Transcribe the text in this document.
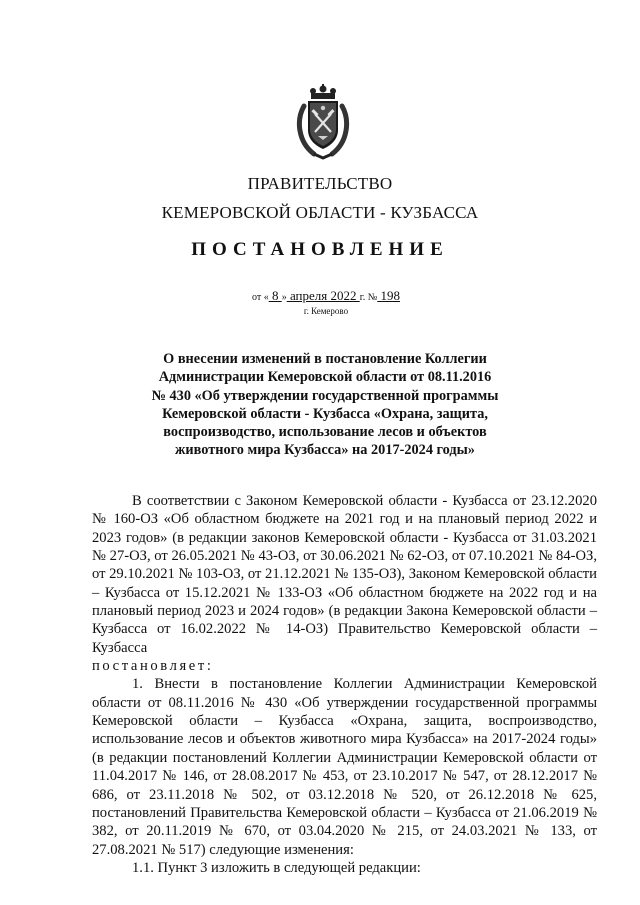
ПРАВИТЕЛЬСТВО
КЕМЕРОВСКОЙ ОБЛАСТИ - КУЗБАССА
ПОСТАНОВЛЕНИЕ
от « 8 » апреля 2022 г. № 198
г. Кемерово
О внесении изменений в постановление Коллегии Администрации Кемеровской области от 08.11.2016 № 430 «Об утверждении государственной программы Кемеровской области - Кузбасса «Охрана, защита, воспроизводство, использование лесов и объектов животного мира Кузбасса» на 2017-2024 годы»

В соответствии с Законом Кемеровской области - Кузбасса от 23.12.2020 № 160-ОЗ «Об областном бюджете на 2021 год и на плановый период 2022 и 2023 годов» (в редакции законов Кемеровской области - Кузбасса от 31.03.2021 № 27-ОЗ, от 26.05.2021 № 43-ОЗ, от 30.06.2021 № 62-ОЗ, от 07.10.2021 № 84-ОЗ, от 29.10.2021 № 103-ОЗ, от 21.12.2021 № 135-ОЗ), Законом Кемеровской области – Кузбасса от 15.12.2021 № 133-ОЗ «Об областном бюджете на 2022 год и на плановый период 2023 и 2024 годов» (в редакции Закона Кемеровской области – Кузбасса от 16.02.2022 № 14-ОЗ) Правительство Кемеровской области – Кузбасса

постановляет:

1. Внести в постановление Коллегии Администрации Кемеровской области от 08.11.2016 № 430 «Об утверждении государственной программы Кемеровской области – Кузбасса «Охрана, защита, воспроизводство, использование лесов и объектов животного мира Кузбасса» на 2017-2024 годы» (в редакции постановлений Коллегии Администрации Кемеровской области от 11.04.2017 № 146, от 28.08.2017 № 453, от 23.10.2017 № 547, от 28.12.2017 № 686, от 23.11.2018 № 502, от 03.12.2018 № 520, от 26.12.2018 № 625, постановлений Правительства Кемеровской области – Кузбасса от 21.06.2019 № 382, от 20.11.2019 № 670, от 03.04.2020 № 215, от 24.03.2021 № 133, от 27.08.2021 № 517) следующие изменения:

1.1. Пункт 3 изложить в следующей редакции:
